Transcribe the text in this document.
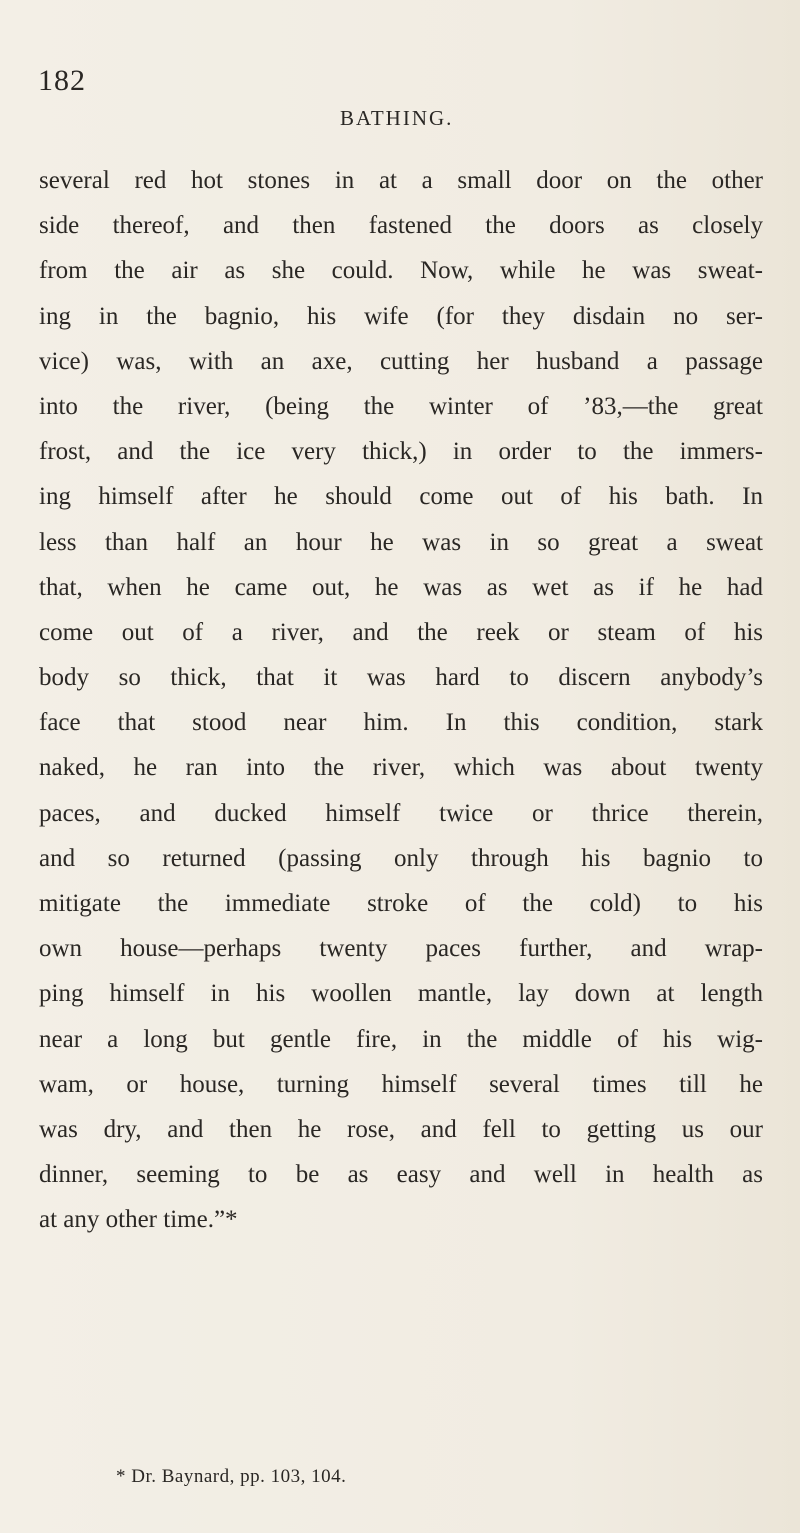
182
BATHING.
several red hot stones in at a small door on the other
side thereof, and then fastened the doors as closely
from the air as she could. Now, while he was sweat-
ing in the bagnio, his wife (for they disdain no ser-
vice) was, with an axe, cutting her husband a passage
into the river, (being the winter of ’83,—the great
frost, and the ice very thick,) in order to the immers-
ing himself after he should come out of his bath. In
less than half an hour he was in so great a sweat
that, when he came out, he was as wet as if he had
come out of a river, and the reek or steam of his
body so thick, that it was hard to discern anybody’s
face that stood near him. In this condition, stark
naked, he ran into the river, which was about twenty
paces, and ducked himself twice or thrice therein,
and so returned (passing only through his bagnio to
mitigate the immediate stroke of the cold) to his
own house—perhaps twenty paces further, and wrap-
ping himself in his woollen mantle, lay down at length
near a long but gentle fire, in the middle of his wig-
wam, or house, turning himself several times till he
was dry, and then he rose, and fell to getting us our
dinner, seeming to be as easy and well in health as
at any other time.”*
* Dr. Baynard, pp. 103, 104.
